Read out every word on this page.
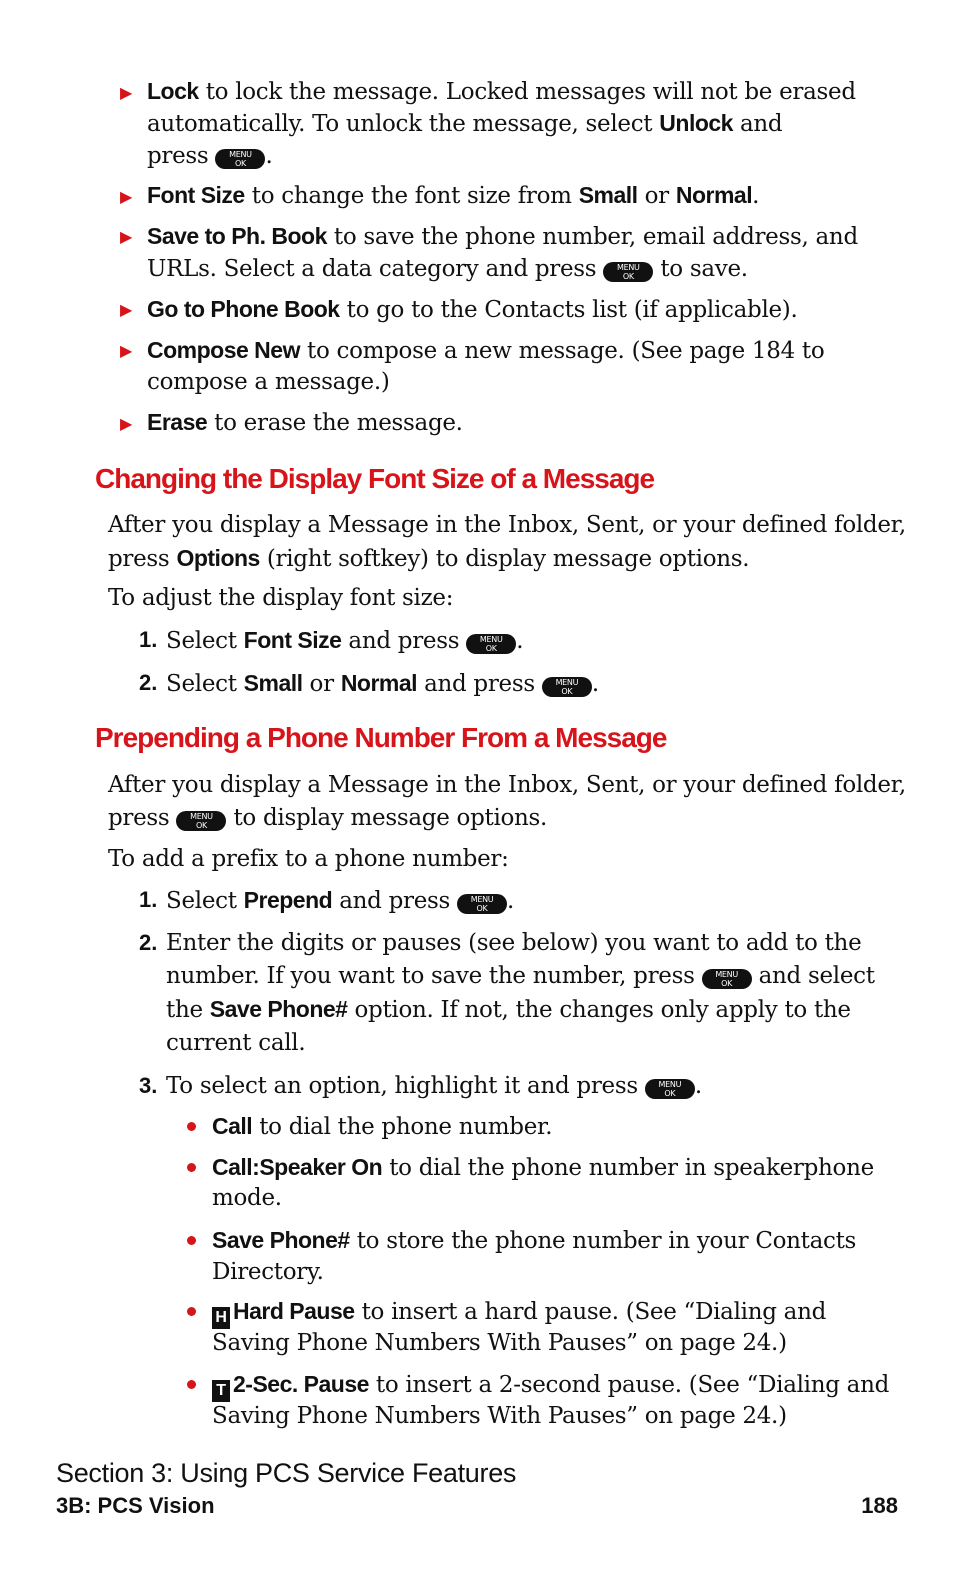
▶ Lock to lock the message. Locked messages will not be erased
automatically. To unlock the message, select Unlock and
press	MENU
OK .
▶ Font Size to change the font size from Small or Normal.
▶ Save to Ph. Book to save the phone number, email address, and
URLs. Select a data category and press	MENU
OK to save.
▶ Go to Phone Book to go to the Contacts list (if applicable).
▶ Compose New to compose a new message. (See page 184 to
compose a message.)
▶ Erase to erase the message.
Changing the Display Font Size of a Message
After you display a Message in the Inbox, Sent, or your defined folder,
press Options (right softkey) to display message options.
To adjust the display font size:
1. Select Font Size and press	MENU
OK .
2. Select Small or Normal and press	MENU
OK .
Prepending a Phone Number From a Message
After you display a Message in the Inbox, Sent, or your defined folder,
press	MENU
OK to display message options.
To add a prefix to a phone number:
1. Select Prepend and press	MENU
OK .
2. Enter the digits or pauses (see below) you want to add to the
number. If you want to save the number, press	MENU
OK and select
the Save Phone# option. If not, the changes only apply to the
current call.
3. To select an option, highlight it and press	MENU
OK .
Call to dial the phone number.
Call:Speaker On to dial the phone number in speakerphone
mode.
Save Phone# to store the phone number in your Contacts
Directory.
H Hard Pause to insert a hard pause. (See “Dialing and
Saving Phone Numbers With Pauses” on page 24.)
T 2-Sec. Pause to insert a 2-second pause. (See “Dialing and
Saving Phone Numbers With Pauses” on page 24.)
Section 3: Using PCS Service Features
3B: PCS Vision	188
